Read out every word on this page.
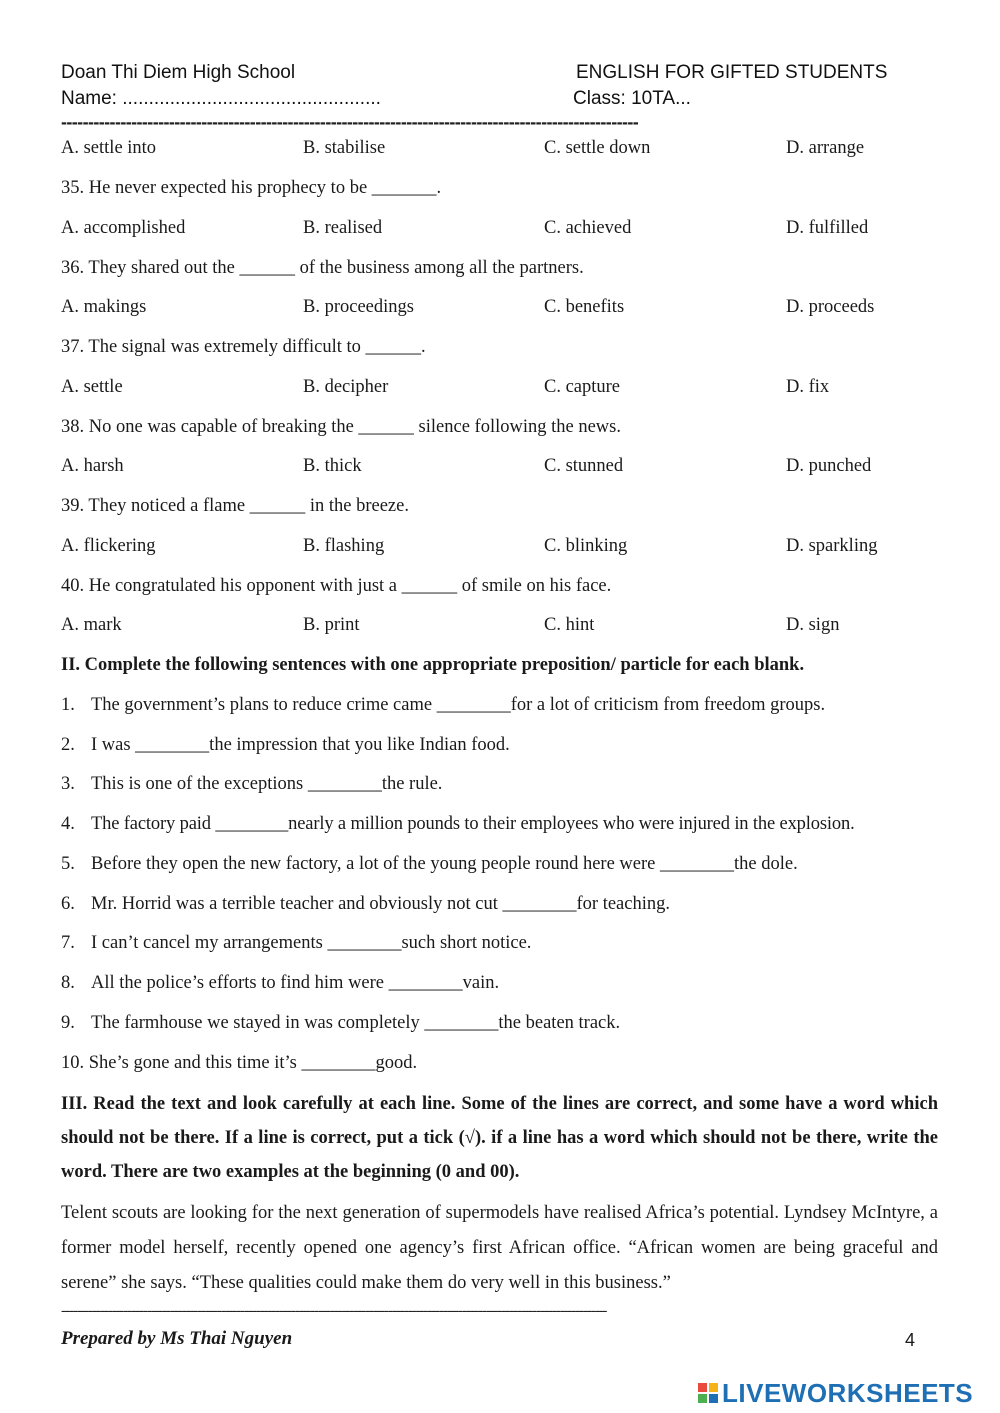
Doan Thi Diem High School	ENGLISH FOR GIFTED STUDENTS
Name: .................................................	Class: 10TA...
-----------------------------------------------------------------------------------------------------------
A. settle into	B. stabilise	C. settle down	D. arrange
35. He never expected his prophecy to be _______.
A. accomplished	B. realised	C. achieved	D. fulfilled
36. They shared out the ______ of the business among all the partners.
A. makings	B. proceedings	C. benefits	D. proceeds
37. The signal was extremely difficult to ______.
A. settle	B. decipher	C. capture	D. fix
38. No one was capable of breaking the ______ silence following the news.
A. harsh	B. thick	C. stunned	D. punched
39. They noticed a flame ______ in the breeze.
A. flickering	B. flashing	C. blinking	D. sparkling
40. He congratulated his opponent with just a ______ of smile on his face.
A. mark	B. print	C. hint	D. sign
II. Complete the following sentences with one appropriate preposition/ particle for each blank.
1. The government’s plans to reduce crime came ________for a lot of criticism from freedom groups.
2. I was ________the impression that you like Indian food.
3. This is one of the exceptions ________the rule.
4. The factory paid ________nearly a million pounds to their employees who were injured in the explosion.
5. Before they open the new factory, a lot of the young people round here were ________the dole.
6. Mr. Horrid was a terrible teacher and obviously not cut ________for teaching.
7. I can’t cancel my arrangements ________such short notice.
8. All the police’s efforts to find him were ________vain.
9. The farmhouse we stayed in was completely ________the beaten track.
10. She’s gone and this time it’s ________good.
III. Read the text and look carefully at each line. Some of the lines are correct, and some have a word which should not be there. If a line is correct, put a tick (√). if a line has a word which should not be there, write the word. There are two examples at the beginning (0 and 00).
Telent scouts are looking for the next generation of supermodels have realised Africa’s potential. Lyndsey McIntyre, a former model herself, recently opened one agency’s first African office. “African women are being graceful and serene” she says. “These qualities could make them do very well in this business.”
--------------------------------------------------------------------------------------------------------------------------------------------
Prepared by Ms Thai Nguyen	4
LIVEWORKSHEETS
